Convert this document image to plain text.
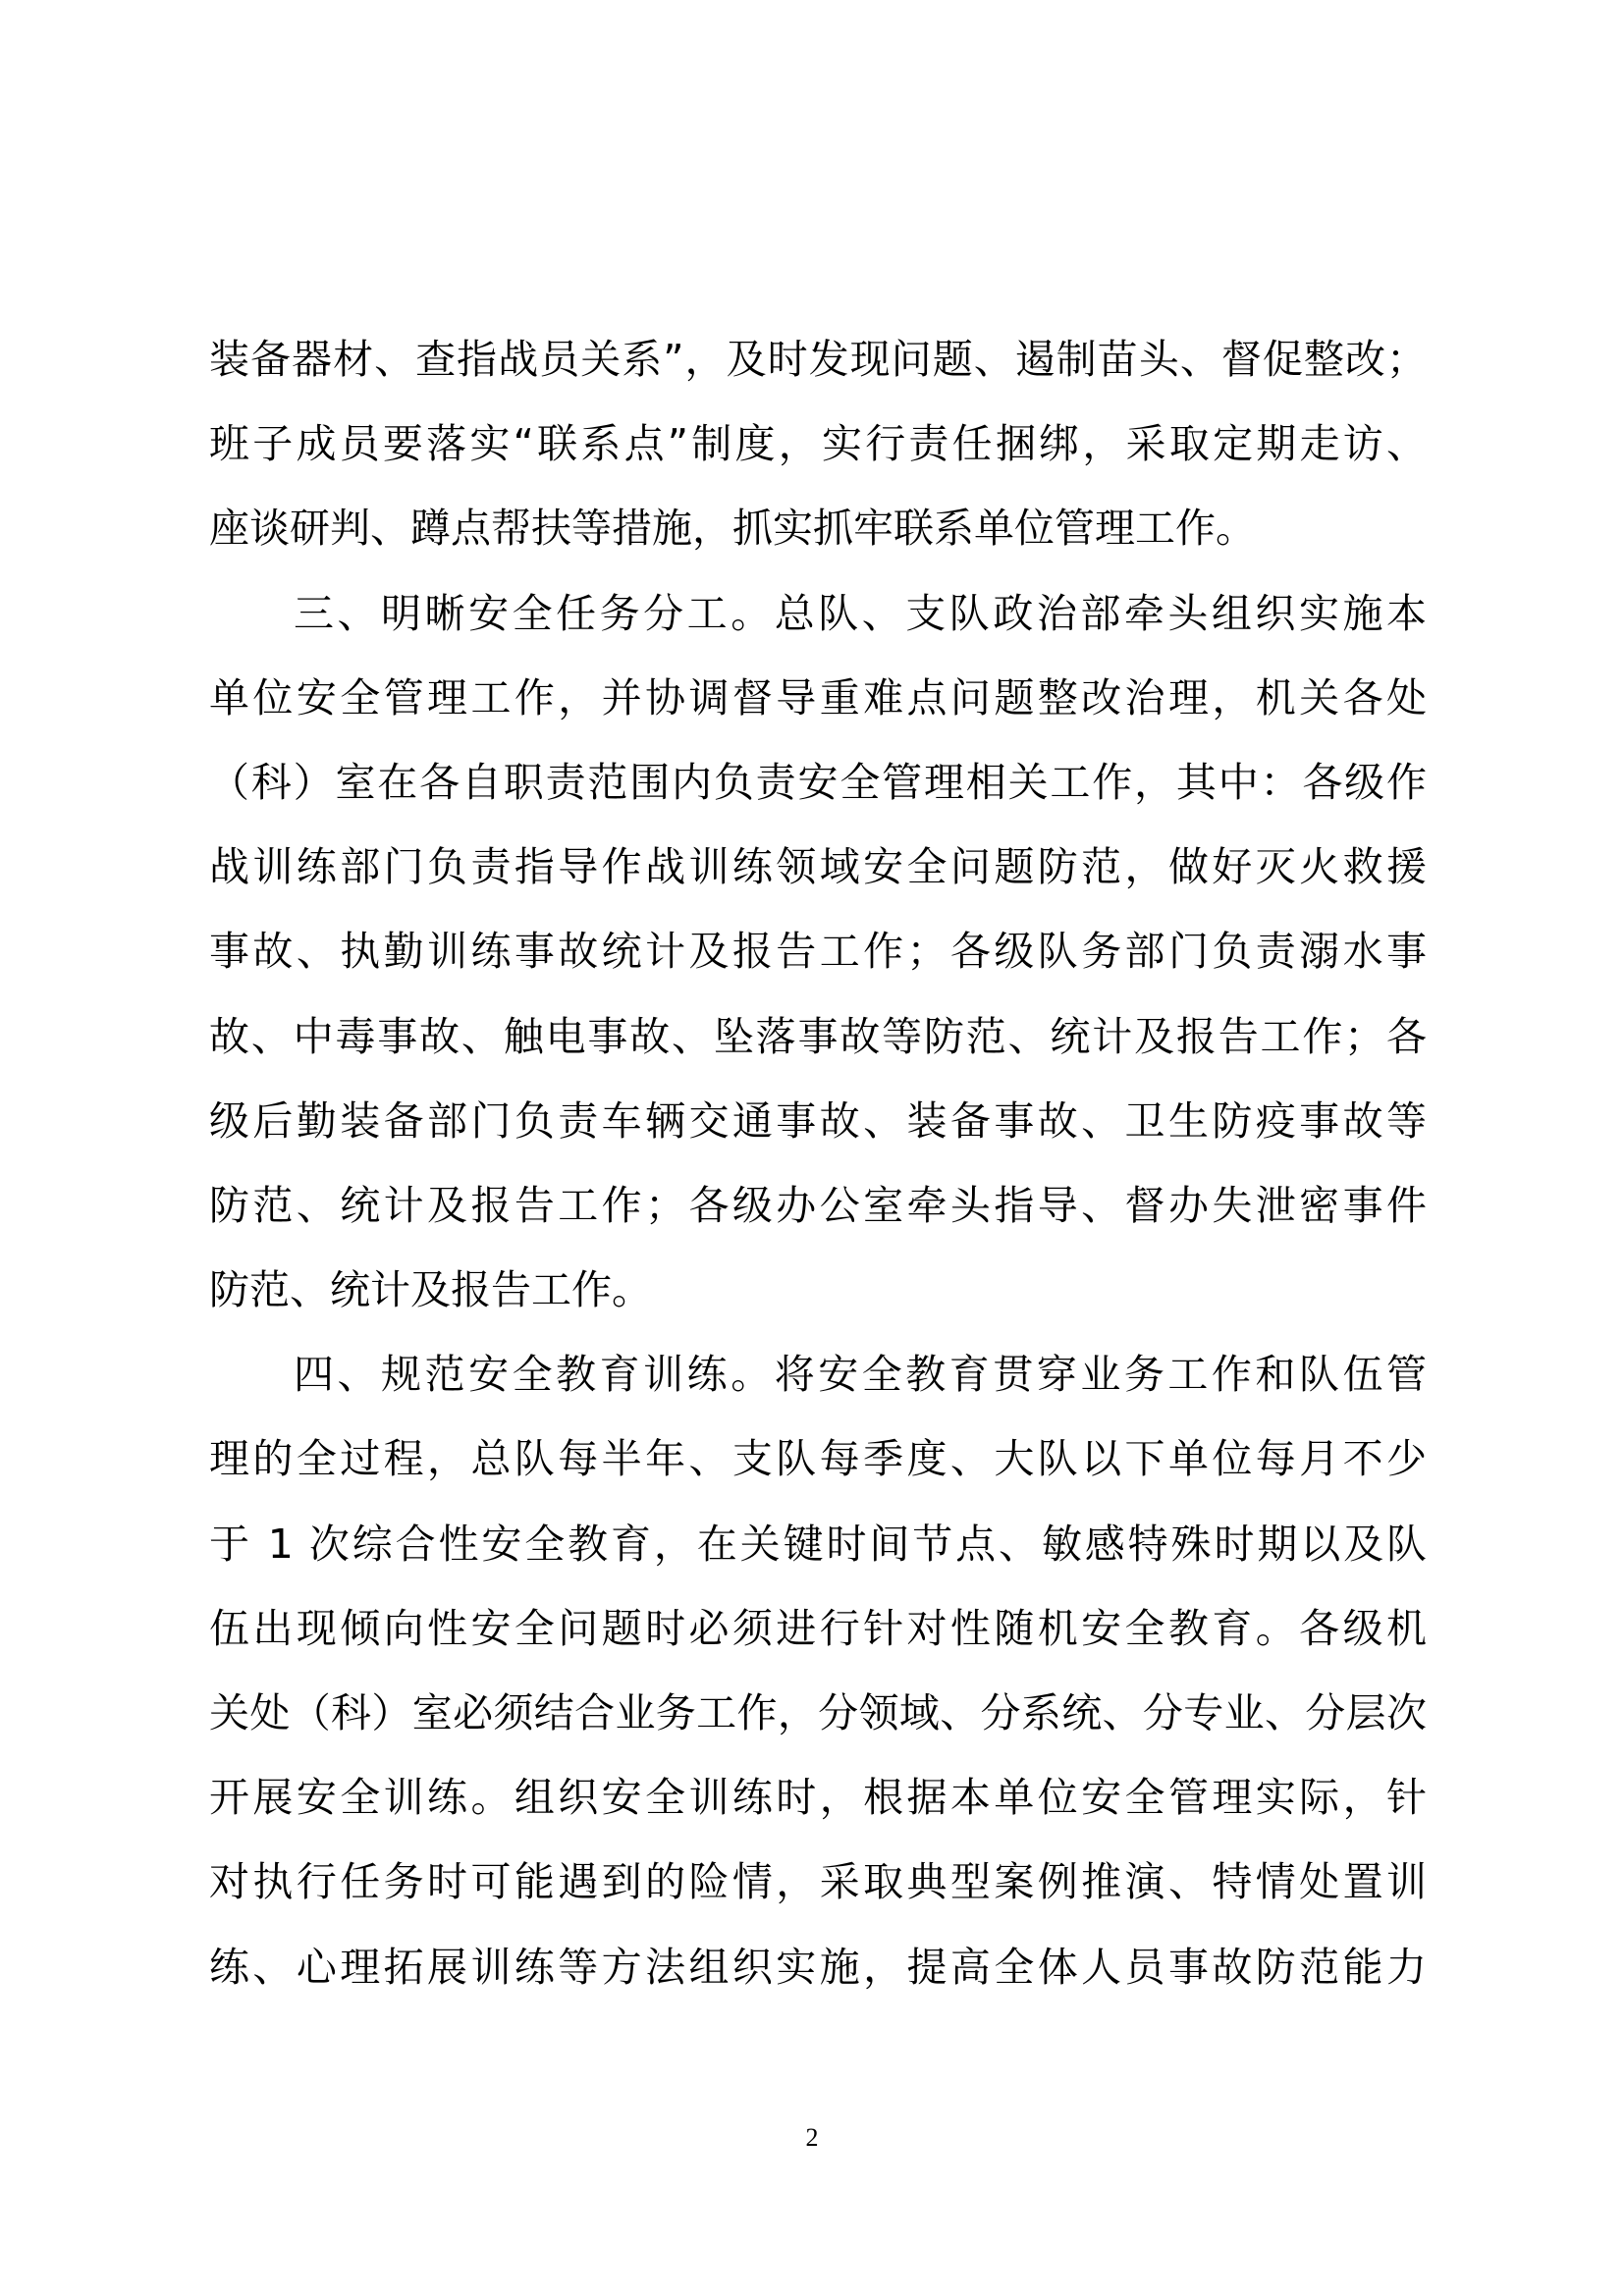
装备器材、查指战员关系”，及时发现问题、遏制苗头、督促整改；
班子成员要落实“联系点”制度，实行责任捆绑，采取定期走访、
座谈研判、蹲点帮扶等措施，抓实抓牢联系单位管理工作。
三、明晰安全任务分工。总队、支队政治部牵头组织实施本
单位安全管理工作，并协调督导重难点问题整改治理，机关各处
（科）室在各自职责范围内负责安全管理相关工作，其中：各级作
战训练部门负责指导作战训练领域安全问题防范，做好灭火救援
事故、执勤训练事故统计及报告工作；各级队务部门负责溺水事
故、中毒事故、触电事故、坠落事故等防范、统计及报告工作；各
级后勤装备部门负责车辆交通事故、装备事故、卫生防疫事故等
防范、统计及报告工作；各级办公室牵头指导、督办失泄密事件
防范、统计及报告工作。
四、规范安全教育训练。将安全教育贯穿业务工作和队伍管
理的全过程，总队每半年、支队每季度、大队以下单位每月不少
于 1 次综合性安全教育，在关键时间节点、敏感特殊时期以及队
伍出现倾向性安全问题时必须进行针对性随机安全教育。各级机
关处（科）室必须结合业务工作，分领域、分系统、分专业、分层次
开展安全训练。组织安全训练时，根据本单位安全管理实际，针
对执行任务时可能遇到的险情，采取典型案例推演、特情处置训
练、心理拓展训练等方法组织实施，提高全体人员事故防范能力
2
